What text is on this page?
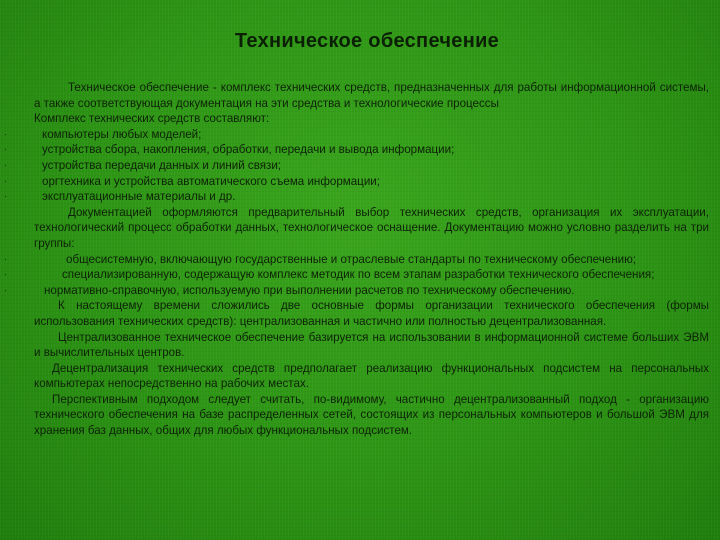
Техническое обеспечение

Техническое обеспечение - комплекс технических средств, предназначенных для работы информационной системы, а также соответствующая документация на эти средства и технологические процессы

Комплекс технических средств составляют:

·	компьютеры любых моделей;
·	устройства сбора, накопления, обработки, передачи и вывода информации;
·	устройства передачи данных и линий связи;
·	оргтехника и устройства автоматического съема информации;
·	эксплуатационные материалы и др.

Документацией оформляются предварительный выбор технических средств, организация их эксплуатации, технологический процесс обработки данных, технологическое оснащение. Документацию можно условно разделить на три группы:

·	общесистемную, включающую государственные и отраслевые стандарты по техническому обеспечению;
·	специализированную, содержащую комплекс методик по всем этапам разработки технического обеспечения;
·	нормативно-справочную, используемую при выполнении расчетов по техническому обеспечению.

К настоящему времени сложились две основные формы организации технического обеспечения (формы использования технических средств): централизованная и частично или полностью децентрализованная.

Централизованное техническое обеспечение базируется на использовании в информационной системе больших ЭВМ и вычислительных центров.

Децентрализация технических средств предполагает реализацию функциональных подсистем на персональных компьютерах непосредственно на рабочих местах.

Перспективным подходом следует считать, по-видимому, частично децентрализованный подход - организацию технического обеспечения на базе распределенных сетей, состоящих из персональных компьютеров и большой ЭВМ для хранения баз данных, общих для любых функциональных подсистем.
